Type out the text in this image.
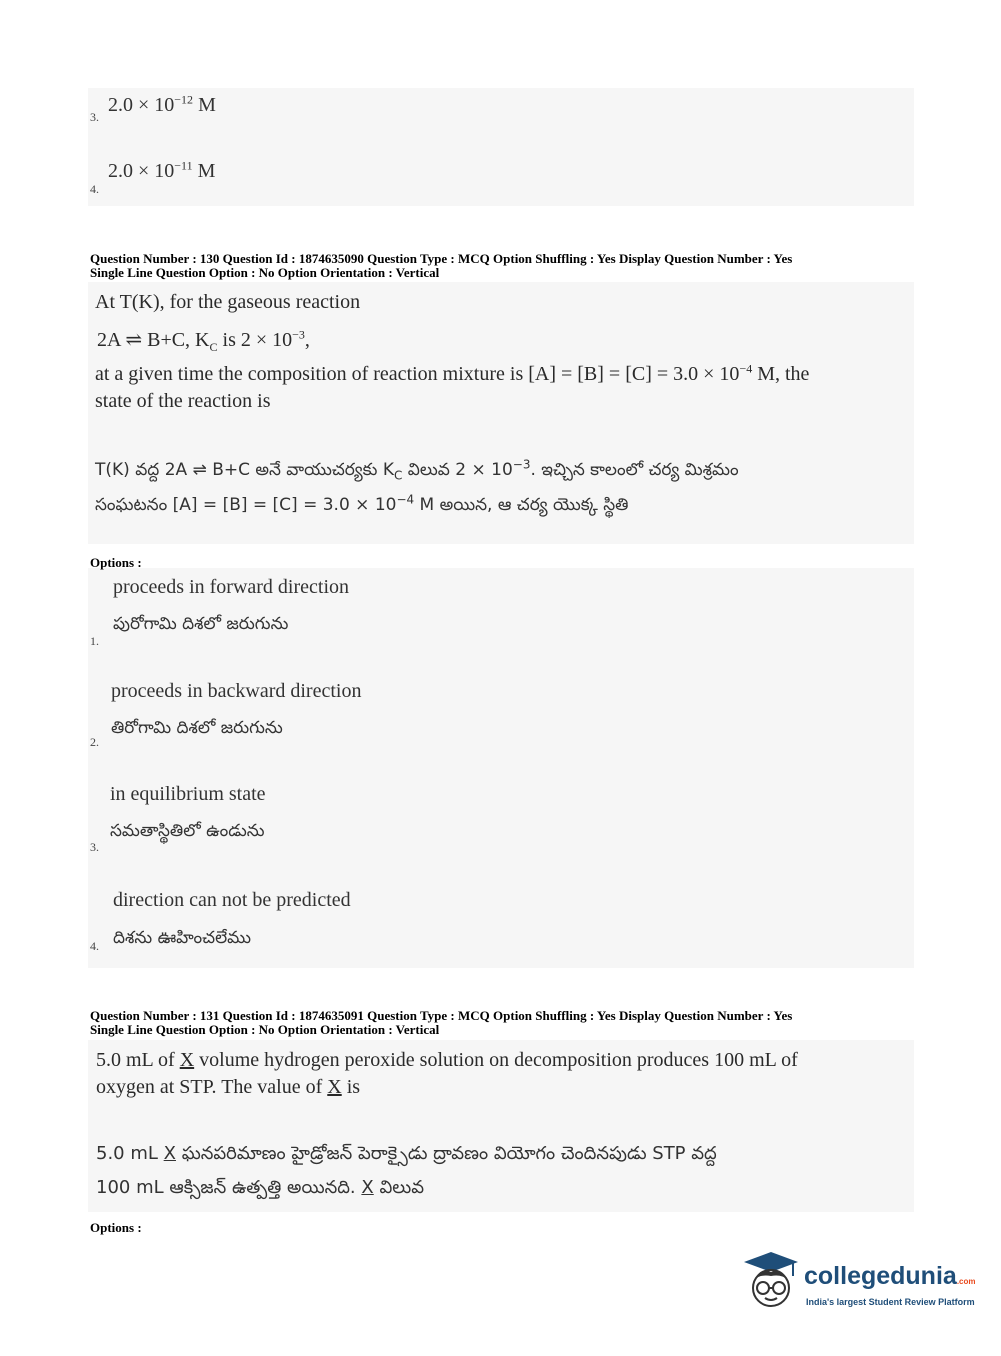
$2.0 \times 10^{-12}$ M
3.
$2.0 \times 10^{-11}$ M
4.
Question Number : 130 Question Id : 1874635090 Question Type : MCQ Option Shuffling : Yes Display Question Number : Yes
Single Line Question Option : No Option Orientation : Vertical
At T(K), for the gaseous reaction
2A ⇌ B+C, $K_C$ is $2 \times 10^{-3}$,
at a given time the composition of reaction mixture is $[A] = [B] = [C] = 3.0 \times 10^{-4}$ M, the
state of the reaction is
T(K) వద్ద 2A ⇌ B+C అనే వాయుచర్యకు $K_C$ విలువ $2 \times 10^{-3}$. ఇచ్చిన కాలంలో చర్య మిశ్రమం
సంఘటనం $[A] = [B] = [C] = 3.0 \times 10^{-4}$ M అయిన, ఆ చర్య యొక్క స్థితి
Options :
proceeds in forward direction
పురోగామి దిశలో జరుగును
1.
proceeds in backward direction
తిరోగామి దిశలో జరుగును
2.
in equilibrium state
సమతాస్థితిలో ఉండును
3.
direction can not be predicted
దిశను ఊహించలేము
4.
Question Number : 131 Question Id : 1874635091 Question Type : MCQ Option Shuffling : Yes Display Question Number : Yes
Single Line Question Option : No Option Orientation : Vertical
5.0 mL of X volume hydrogen peroxide solution on decomposition produces 100 mL of
oxygen at STP. The value of X is
5.0 mL X ఘనపరిమాణం హైడ్రోజన్ పెరాక్సైడు ద్రావణం వియోగం చెందినపుడు STP వద్ద
100 mL ఆక్సిజన్ ఉత్పత్తి అయినది. X విలువ
Options :
collegedunia.com
India's largest Student Review Platform
